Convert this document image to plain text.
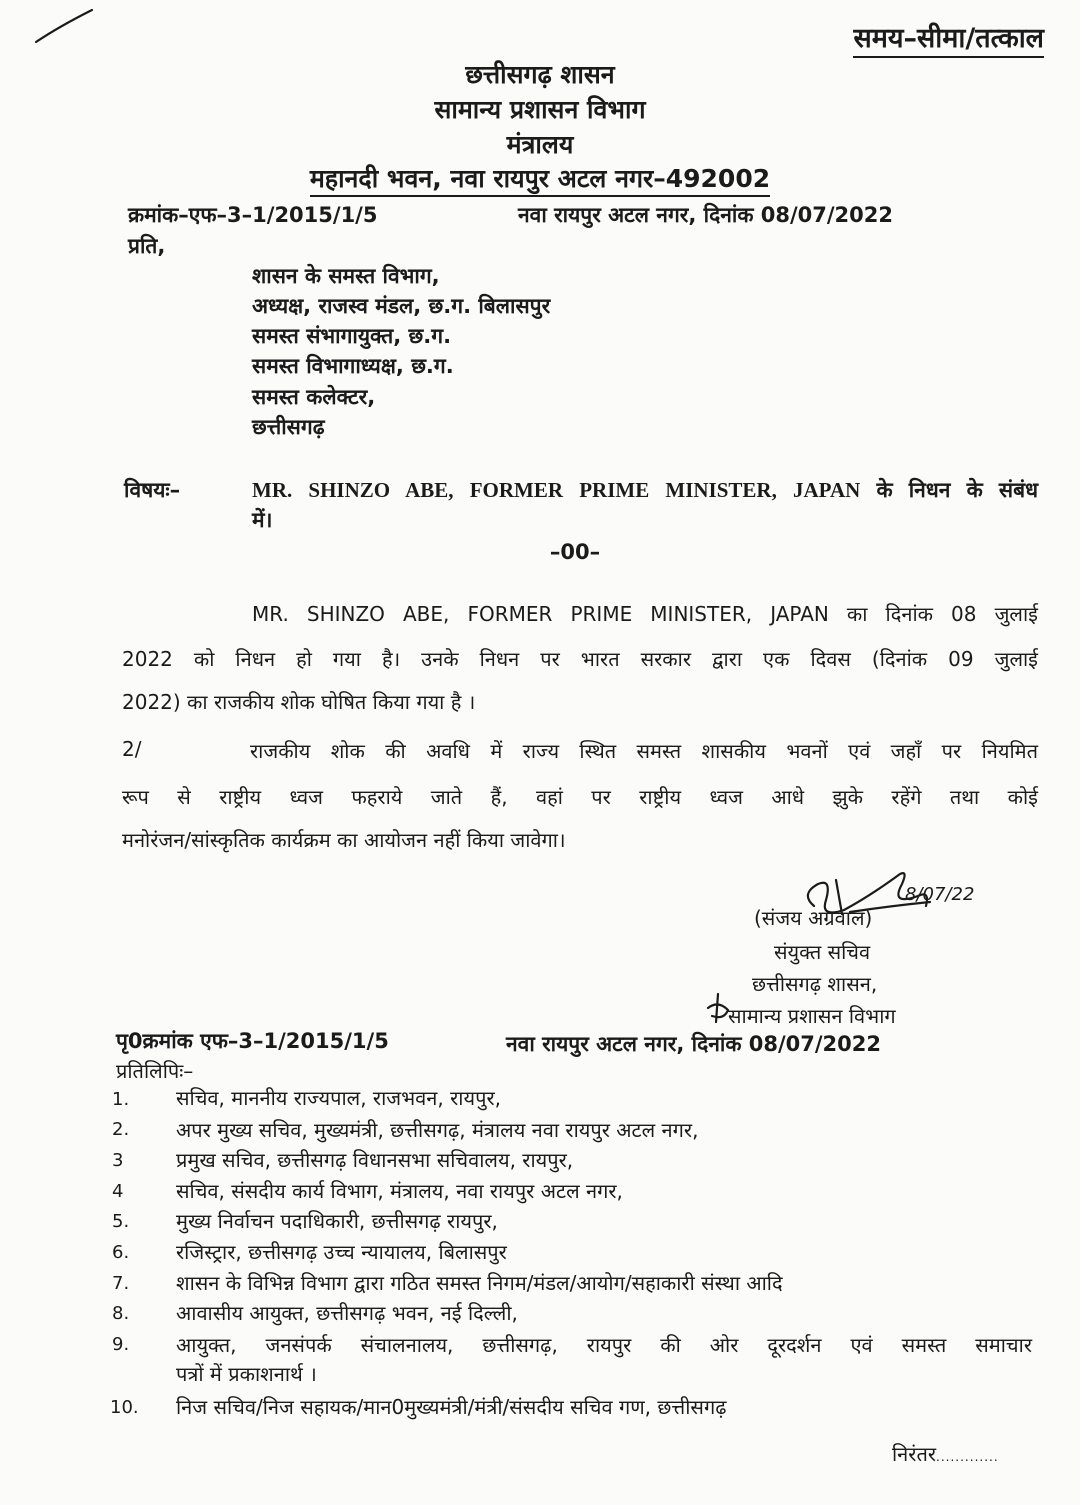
समय–सीमा/तत्काल
छत्तीसगढ़ शासन
सामान्य प्रशासन विभाग
मंत्रालय
महानदी भवन, नवा रायपुर अटल नगर–492002
क्रमांक–एफ–3–1/2015/1/5	नवा रायपुर अटल नगर, दिनांक 08/07/2022
प्रति,
शासन के समस्त विभाग,
अध्यक्ष, राजस्व मंडल, छ.ग. बिलासपुर
समस्त संभागायुक्त, छ.ग.
समस्त विभागाध्यक्ष, छ.ग.
समस्त कलेक्टर,
छत्तीसगढ़
विषयः–	MR. SHINZO ABE, FORMER PRIME MINISTER, JAPAN के निधन के संबंध
में।
–00–
MR. SHINZO ABE, FORMER PRIME MINISTER, JAPAN का दिनांक 08 जुलाई
2022 को निधन हो गया है। उनके निधन पर भारत सरकार द्वारा एक दिवस (दिनांक 09 जुलाई
2022) का राजकीय शोक घोषित किया गया है ।
2/	राजकीय शोक की अवधि में राज्य स्थित समस्त शासकीय भवनों एवं जहाँ पर नियमित
रूप से राष्ट्रीय ध्वज फहराये जाते हैं, वहां पर राष्ट्रीय ध्वज आधे झुके रहेंगे तथा कोई
मनोरंजन/सांस्कृतिक कार्यक्रम का आयोजन नहीं किया जावेगा।
8/07/22
(संजय अग्रवाल)
संयुक्त सचिव
छत्तीसगढ़ शासन,
सामान्य प्रशासन विभाग
पृ0क्रमांक एफ–3–1/2015/1/5	नवा रायपुर अटल नगर, दिनांक 08/07/2022
प्रतिलिपिः–
1. सचिव, माननीय राज्यपाल, राजभवन, रायपुर,
2. अपर मुख्य सचिव, मुख्यमंत्री, छत्तीसगढ़, मंत्रालय नवा रायपुर अटल नगर,
3	प्रमुख सचिव, छत्तीसगढ़ विधानसभा सचिवालय, रायपुर,
4	सचिव, संसदीय कार्य विभाग, मंत्रालय, नवा रायपुर अटल नगर,
5. मुख्य निर्वाचन पदाधिकारी, छत्तीसगढ़ रायपुर,
6. रजिस्ट्रार, छत्तीसगढ़ उच्च न्यायालय, बिलासपुर
7. शासन के विभिन्न विभाग द्वारा गठित समस्त निगम/मंडल/आयोग/सहाकारी संस्था आदि
8. आवासीय आयुक्त, छत्तीसगढ़ भवन, नई दिल्ली,
9. आयुक्त, जनसंपर्क संचालनालय, छत्तीसगढ़, रायपुर की ओर दूरदर्शन एवं समस्त समाचार
पत्रों में प्रकाशनार्थ ।
10. निज सचिव/निज सहायक/मान0मुख्यमंत्री/मंत्री/संसदीय सचिव गण, छत्तीसगढ़
निरंतर.............
